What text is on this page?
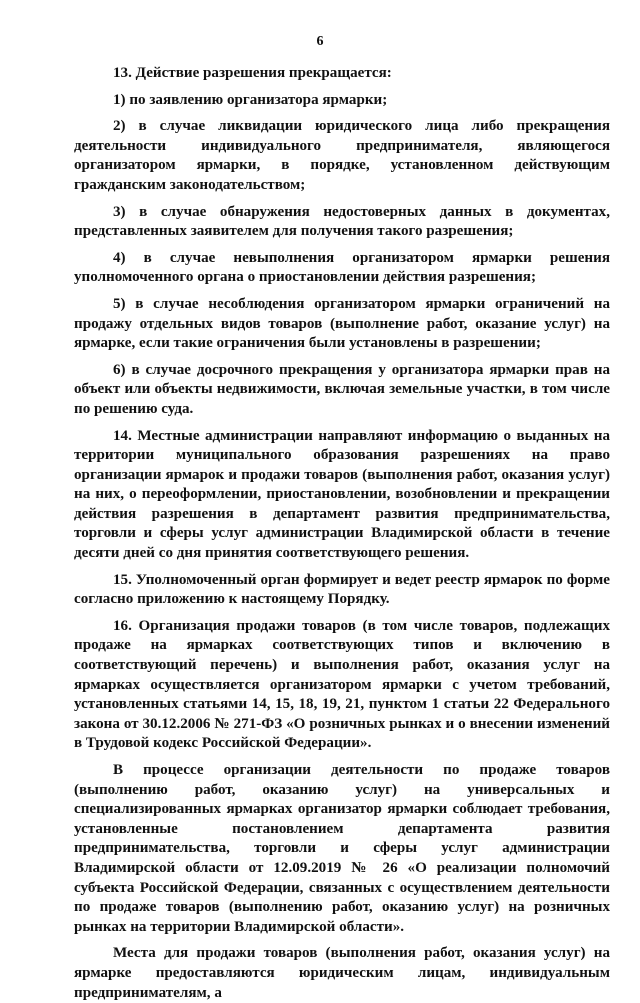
6

13. Действие разрешения прекращается:

1) по заявлению организатора ярмарки;

2) в случае ликвидации юридического лица либо прекращения деятельности индивидуального предпринимателя, являющегося организатором ярмарки, в порядке, установленном действующим гражданским законодательством;

3) в случае обнаружения недостоверных данных в документах, представленных заявителем для получения такого разрешения;

4) в случае невыполнения организатором ярмарки решения уполномоченного органа о приостановлении действия разрешения;

5) в случае несоблюдения организатором ярмарки ограничений на продажу отдельных видов товаров (выполнение работ, оказание услуг) на ярмарке, если такие ограничения были установлены в разрешении;

6) в случае досрочного прекращения у организатора ярмарки прав на объект или объекты недвижимости, включая земельные участки, в том числе по решению суда.

14. Местные администрации направляют информацию о выданных на территории муниципального образования разрешениях на право организации ярмарок и продажи товаров (выполнения работ, оказания услуг) на них, о переоформлении, приостановлении, возобновлении и прекращении действия разрешения в департамент развития предпринимательства, торговли и сферы услуг администрации Владимирской области в течение десяти дней со дня принятия соответствующего решения.

15. Уполномоченный орган формирует и ведет реестр ярмарок по форме согласно приложению к настоящему Порядку.

16. Организация продажи товаров (в том числе товаров, подлежащих продаже на ярмарках соответствующих типов и включению в соответствующий перечень) и выполнения работ, оказания услуг на ярмарках осуществляется организатором ярмарки с учетом требований, установленных статьями 14, 15, 18, 19, 21, пунктом 1 статьи 22 Федерального закона от 30.12.2006 № 271-ФЗ «О розничных рынках и о внесении изменений в Трудовой кодекс Российской Федерации».

В процессе организации деятельности по продаже товаров (выполнению работ, оказанию услуг) на универсальных и специализированных ярмарках организатор ярмарки соблюдает требования, установленные постановлением департамента развития предпринимательства, торговли и сферы услуг администрации Владимирской области от 12.09.2019 № 26 «О реализации полномочий субъекта Российской Федерации, связанных с осуществлением деятельности по продаже товаров (выполнению работ, оказанию услуг) на розничных рынках на территории Владимирской области».

Места для продажи товаров (выполнения работ, оказания услуг) на ярмарке предоставляются юридическим лицам, индивидуальным предпринимателям, а
